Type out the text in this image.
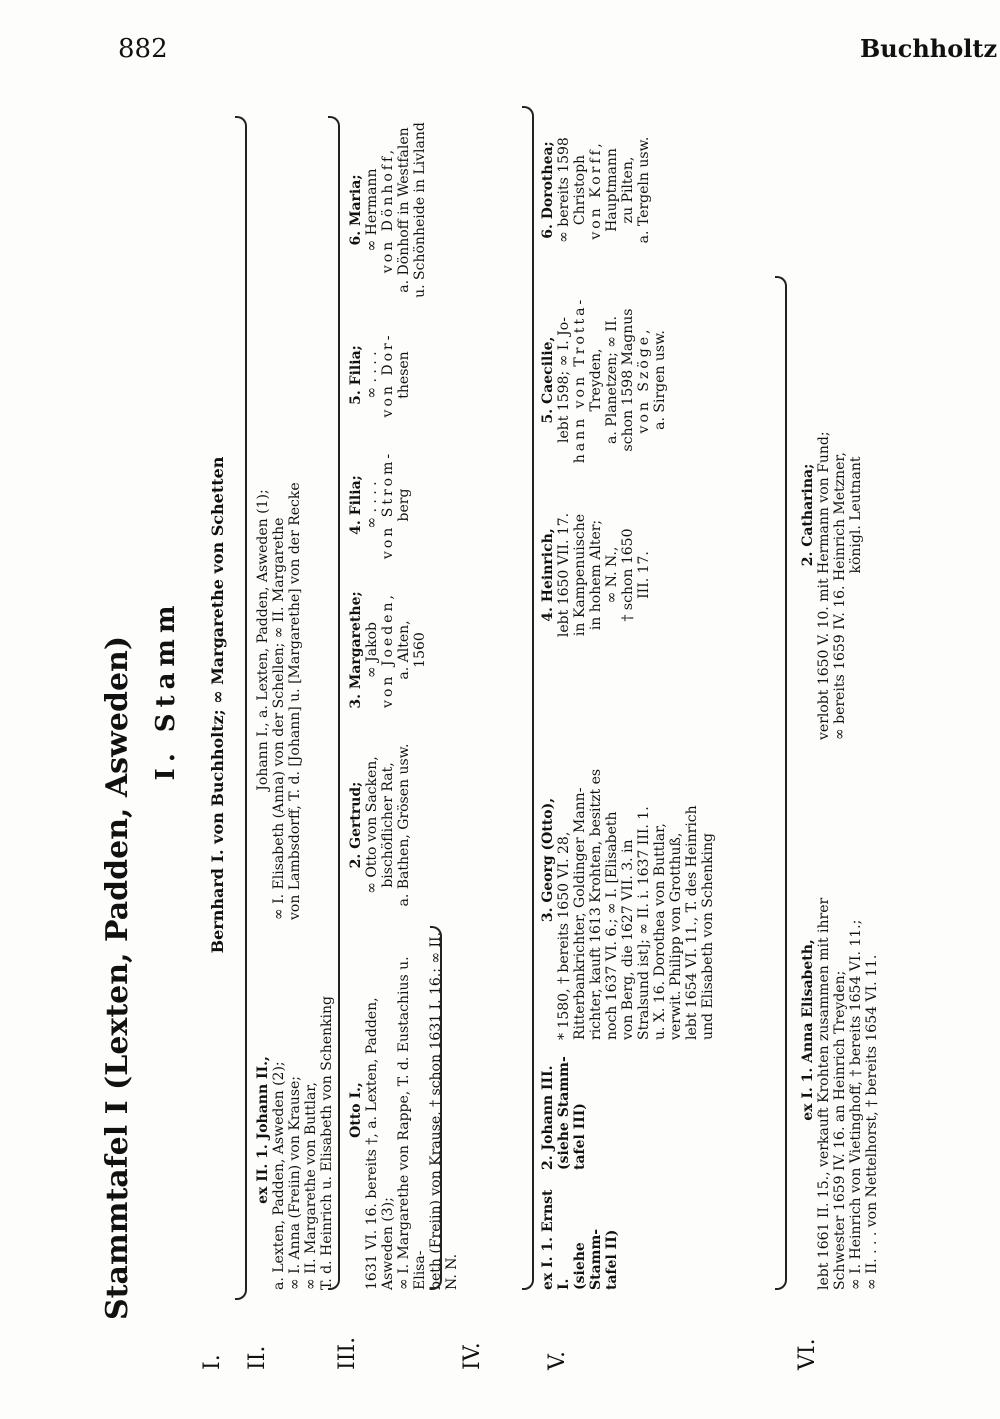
882	Buchholtz
Stammtafel I (Lexten, Padden, Asweden) I. Stamm
I. II.	III.	IV.	V.	VI.
Bernhard I. von Buchholtz; ∞ Margarethe von Schetten
ex II. 1. Johann II., a. Lexten, Padden, Asweden (2); ∞ I. Anna (Freiin) von Krause; ∞ II. Margarethe von Buttlar, T. d. Heinrich u. Elisabeth von Schenking
Johann I., a. Lexten, Padden, Asweden (1); ∞ I. Elisabeth (Anna) von der Schellen; ∞ II. Margarethe von Lambsdorff, T. d. [Johann] u. [Margarethe] von der Recke
Otto I., 1631 VI. 16. bereits †, a. Lexten, Padden, Asweden (3); ∞ I. Margarethe von Rappe, T. d. Eustachius u. Elisa- beth (Freiin) von Krause, † schon 1631 I. 16.; ∞ II. N. N.
2. Gertrud; ∞ Otto von Sacken, bischöflicher Rat, a. Bathen, Grösen usw.
3. Margarethe; ∞ Jakob von Joeden, a. Alten, 1560
4. Filia; ∞ . . . . von Strom- berg
5. Filia; ∞ . . . . von Dor- thesen
6. Maria; ∞ Hermann von Dönhoff, a. Dönhoff in Westfalen u. Schönheide in Livland
ex I. 1. Ernst I. (siehe Stamm- tafel II)
2. Johann III. (siehe Stamm- tafel III)
3. Georg (Otto), * 1580, † bereits 1650 VI. 28, Ritterbankrichter, Goldinger Mann- richter, kauft 1613 Krohten, besitzt es noch 1637 VI. 6.; ∞ I. [Elisabeth von Berg, die 1627 VII. 3. in Stralsund ist]; ∞ II. i. 1637 III. 1. u. X. 16. Dorothea von Buttlar, verwit. Philipp von Grotthuß, lebt 1654 VI. 11., T. des Heinrich und Elisabeth von Schenking
4. Heinrich, lebt 1650 VII. 17. in Kampenuische in hohem Alter; ∞ N. N., † schon 1650 III. 17.
5. Caecilie, lebt 1598; ∞ I. Jo- hann von Trotta- Treyden, a. Planetzen; ∞ II. schon 1598 Magnus von Szöge, a. Sirgen usw.
6. Dorothea; ∞ bereits 1598 Christoph von Korff, Hauptmann zu Pilten, a. Tergeln usw.
ex I. 1. Anna Elisabeth, lebt 1661 II. 15., verkauft Krohten zusammen mit ihrer Schwester 1659 IV. 16. an Heinrich Treyden; ∞ I. Heinrich von Vietinghoff, † bereits 1654 VI. 11.; ∞ II. . . . von Nettelhorst, † bereits 1654 VI. 11.
2. Catharina; verlobt 1650 V. 10. mit Hermann von Fund; ∞ bereits 1659 IV. 16. Heinrich Metzner, königl. Leutnant
